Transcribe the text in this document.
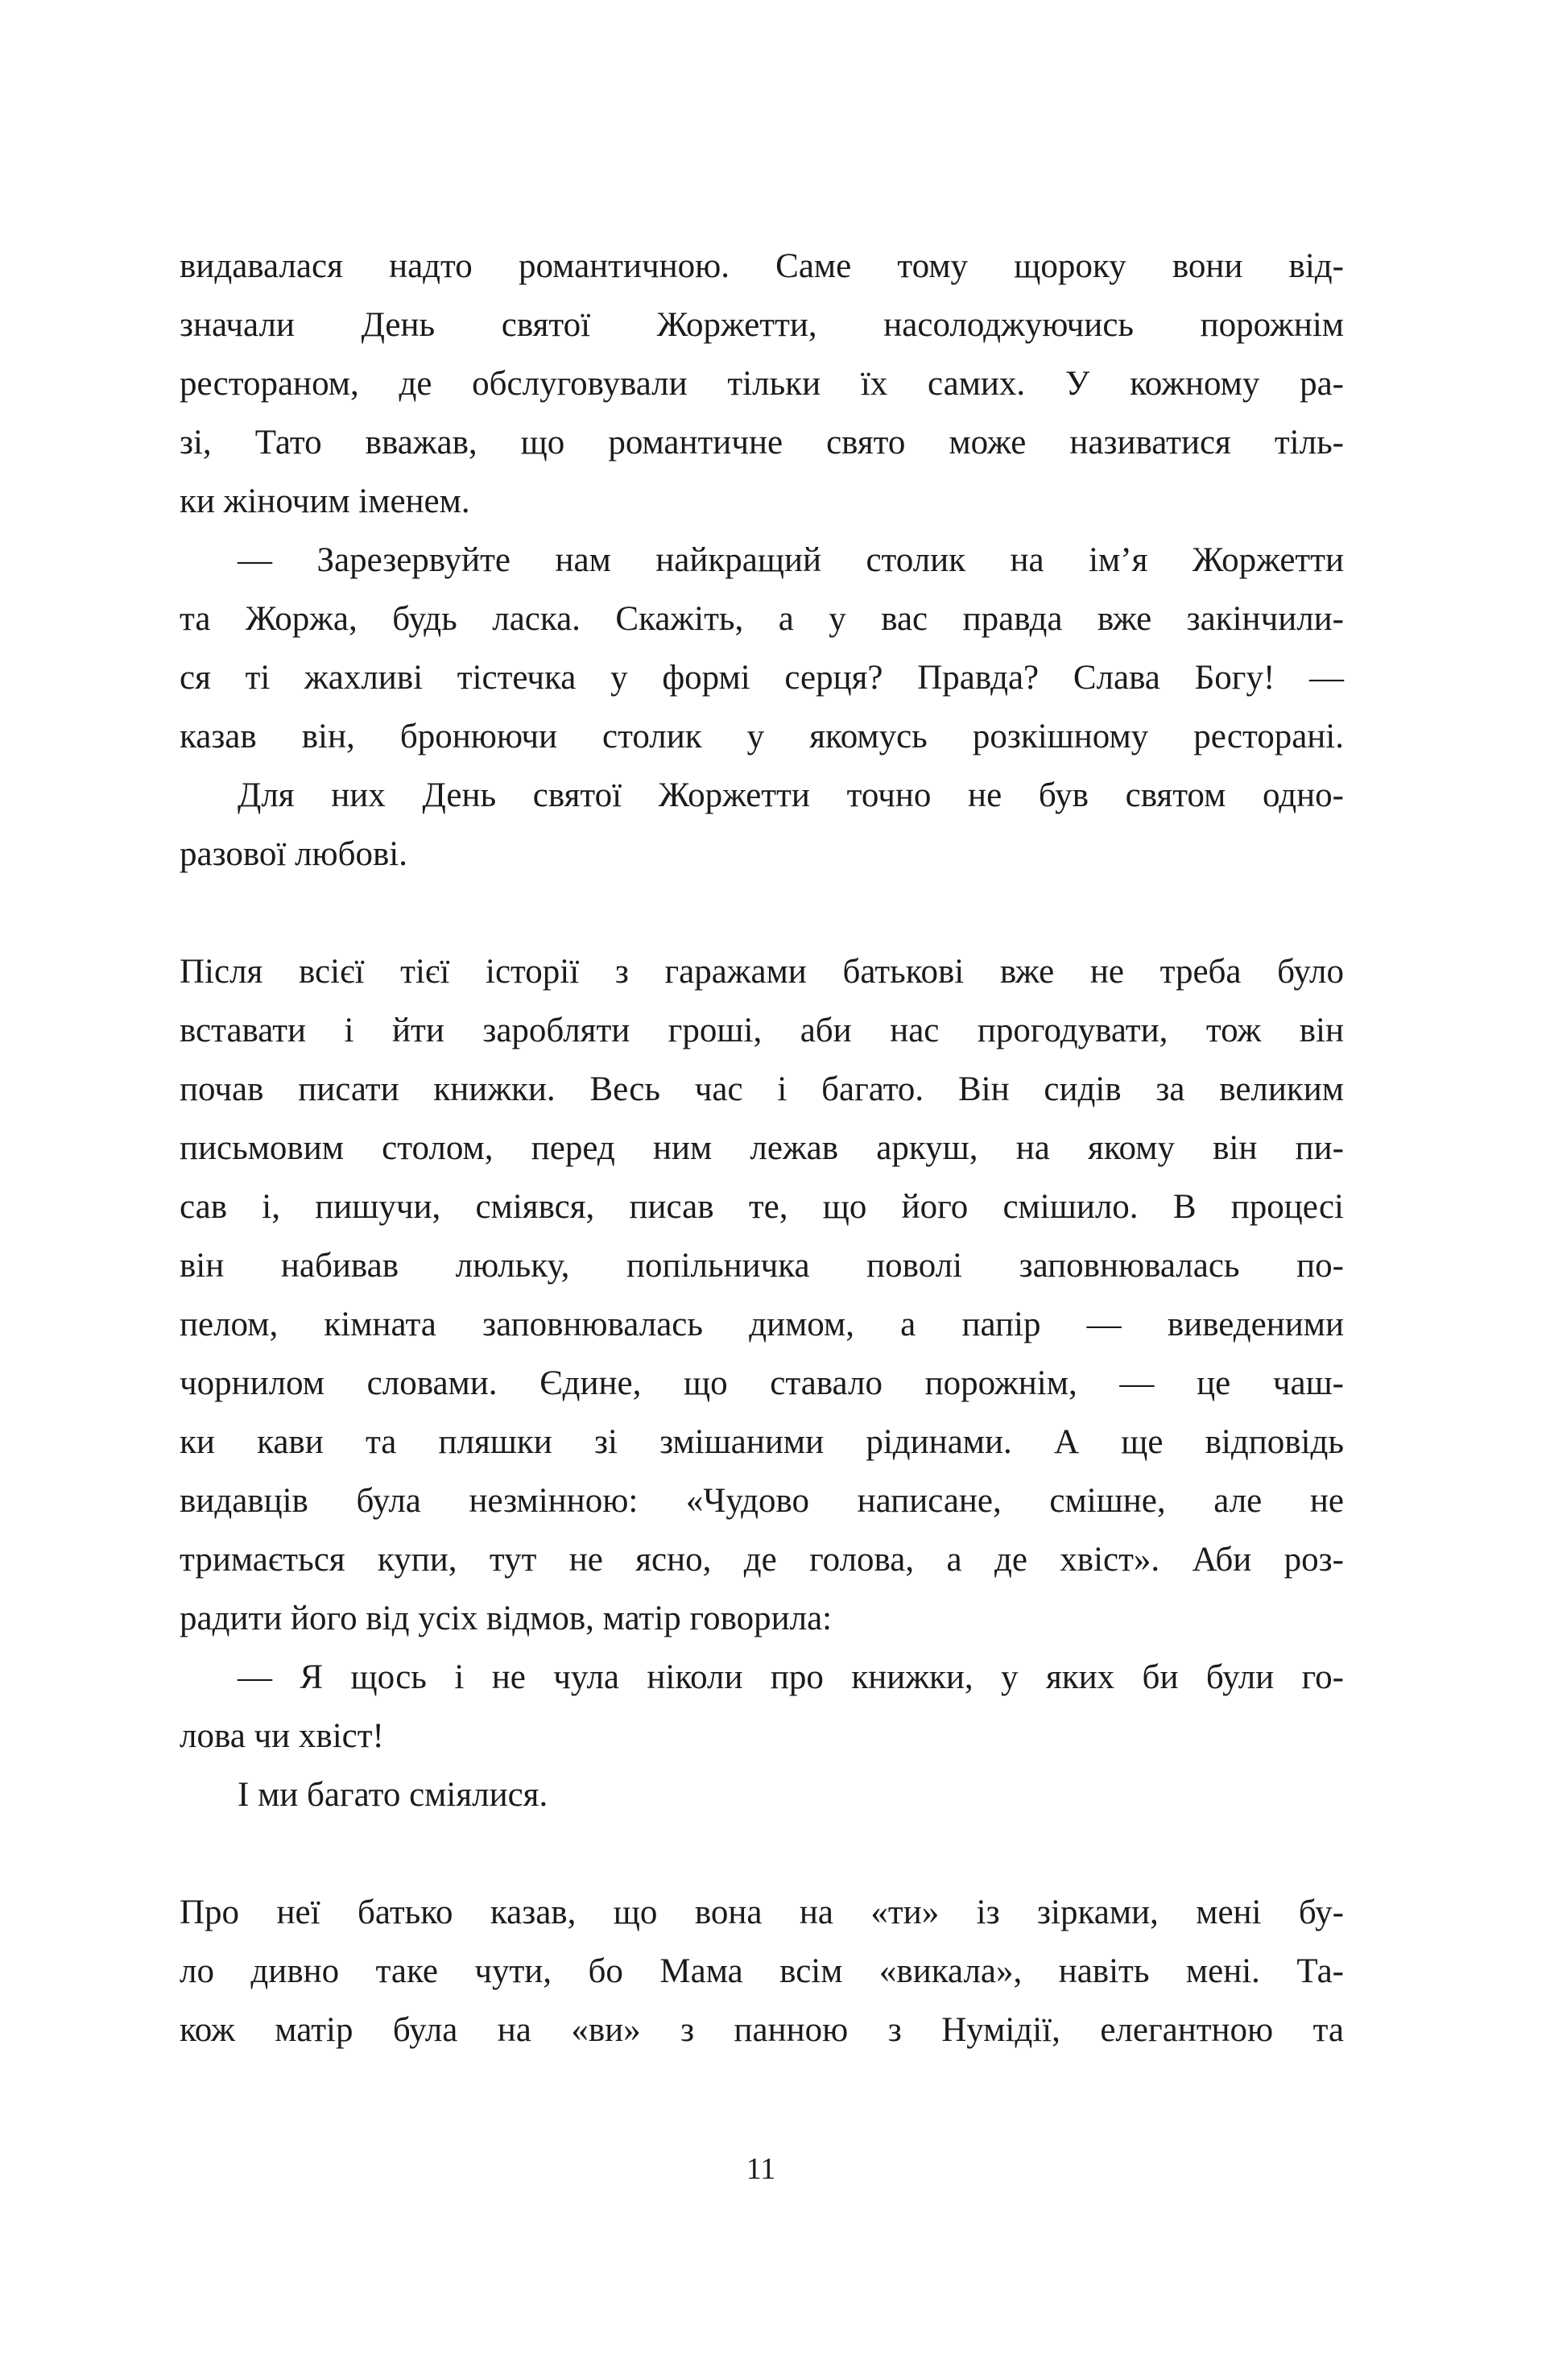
видавалася надто романтичною. Саме тому щороку вони від-
значали День святої Жоржетти, насолоджуючись порожнім
рестораном, де обслуговували тільки їх самих. У кожному ра-
зі, Тато вважав, що романтичне свято може називатися тіль-
ки жіночим іменем.
— Зарезервуйте нам найкращий столик на ім’я Жоржетти
та Жоржа, будь ласка. Скажіть, а у вас правда вже закінчили-
ся ті жахливі тістечка у формі серця? Правда? Слава Богу! —
казав він, бронюючи столик у якомусь розкішному ресторані.
Для них День святої Жоржетти точно не був святом одно-
разової любові.
Після всієї тієї історії з гаражами батькові вже не треба було
вставати і йти заробляти гроші, аби нас прогодувати, тож він
почав писати книжки. Весь час і багато. Він сидів за великим
письмовим столом, перед ним лежав аркуш, на якому він пи-
сав і, пишучи, сміявся, писав те, що його смішило. В процесі
він набивав люльку, попільничка поволі заповнювалась по-
пелом, кімната заповнювалась димом, а папір — виведеними
чорнилом словами. Єдине, що ставало порожнім, — це чаш-
ки кави та пляшки зі змішаними рідинами. А ще відповідь
видавців була незмінною: «Чудово написане, смішне, але не
тримається купи, тут не ясно, де голова, а де хвіст». Аби роз-
радити його від усіх відмов, матір говорила:
— Я щось і не чула ніколи про книжки, у яких би були го-
лова чи хвіст!
І ми багато сміялися.
Про неї батько казав, що вона на «ти» із зірками, мені бу-
ло дивно таке чути, бо Мама всім «викала», навіть мені. Та-
кож матір була на «ви» з панною з Нумідії, елегантною та
11
